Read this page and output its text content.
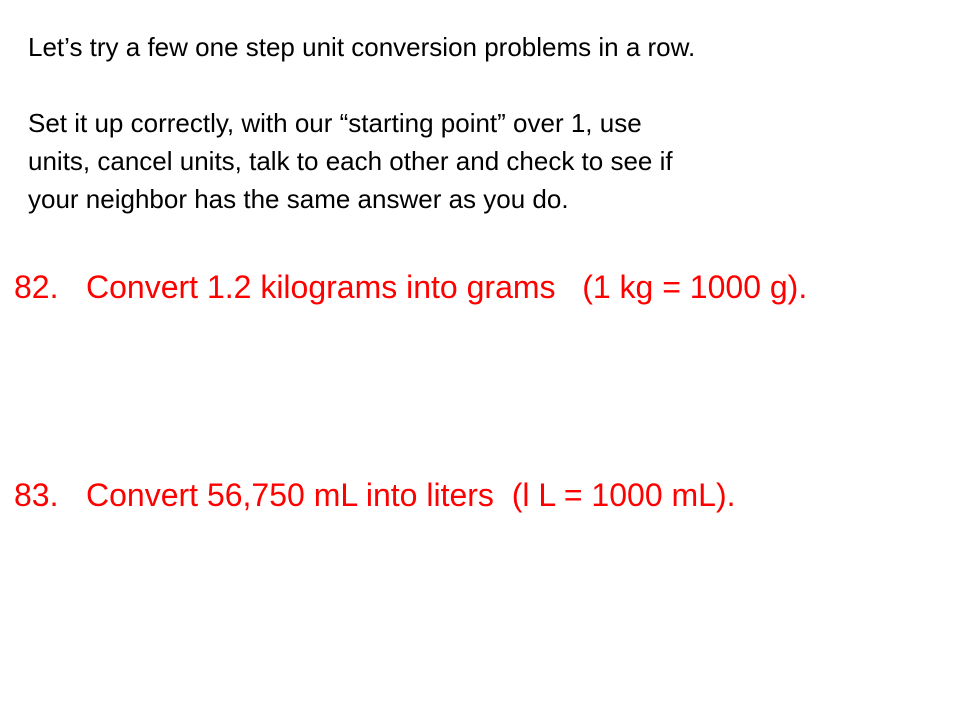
Let’s try a few one step unit conversion problems in a row.

Set it up correctly, with our “starting point” over 1, use
units, cancel units, talk to each other and check to see if
your neighbor has the same answer as you do.

82. Convert 1.2 kilograms into grams   (1 kg = 1000 g).
83. Convert 56,750 mL into liters  (l L = 1000 mL).
